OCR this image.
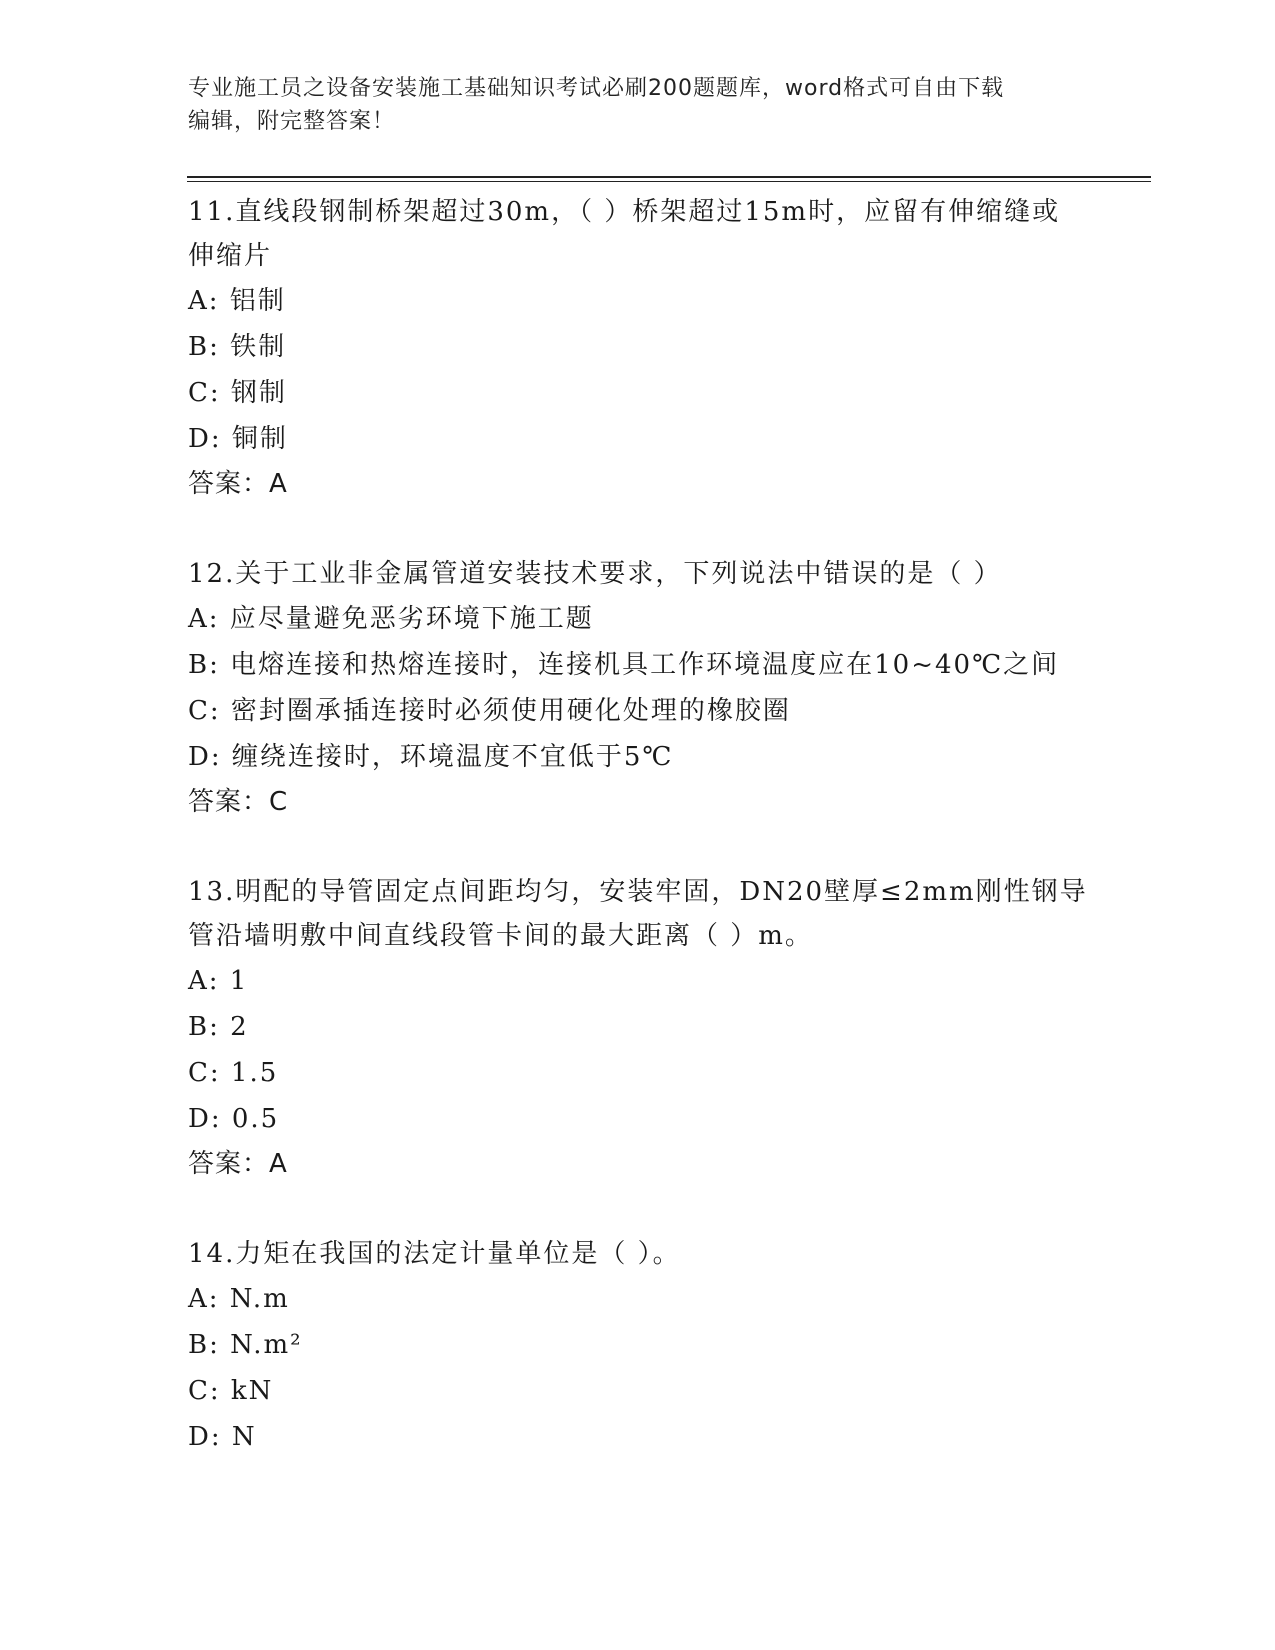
专业施工员之设备安装施工基础知识考试必刷200题题库，word格式可自由下载
编辑，附完整答案！

11.直线段钢制桥架超过30m，（ ）桥架超过15m时，应留有伸缩缝或

伸缩片

A: 铝制

B: 铁制

C: 钢制

D: 铜制

答案：A

12.关于工业非金属管道安装技术要求，下列说法中错误的是（ ）

A: 应尽量避免恶劣环境下施工题

B: 电熔连接和热熔连接时，连接机具工作环境温度应在10~40℃之间

C: 密封圈承插连接时必须使用硬化处理的橡胶圈

D: 缠绕连接时，环境温度不宜低于5℃

答案：C

13.明配的导管固定点间距均匀，安装牢固，DN20壁厚≤2mm刚性钢导

管沿墙明敷中间直线段管卡间的最大距离（ ）m。

A: 1

B: 2

C: 1.5

D: 0.5

答案：A

14.力矩在我国的法定计量单位是（ ）。

A: N.m

B: N.m²

C: kN

D: N
